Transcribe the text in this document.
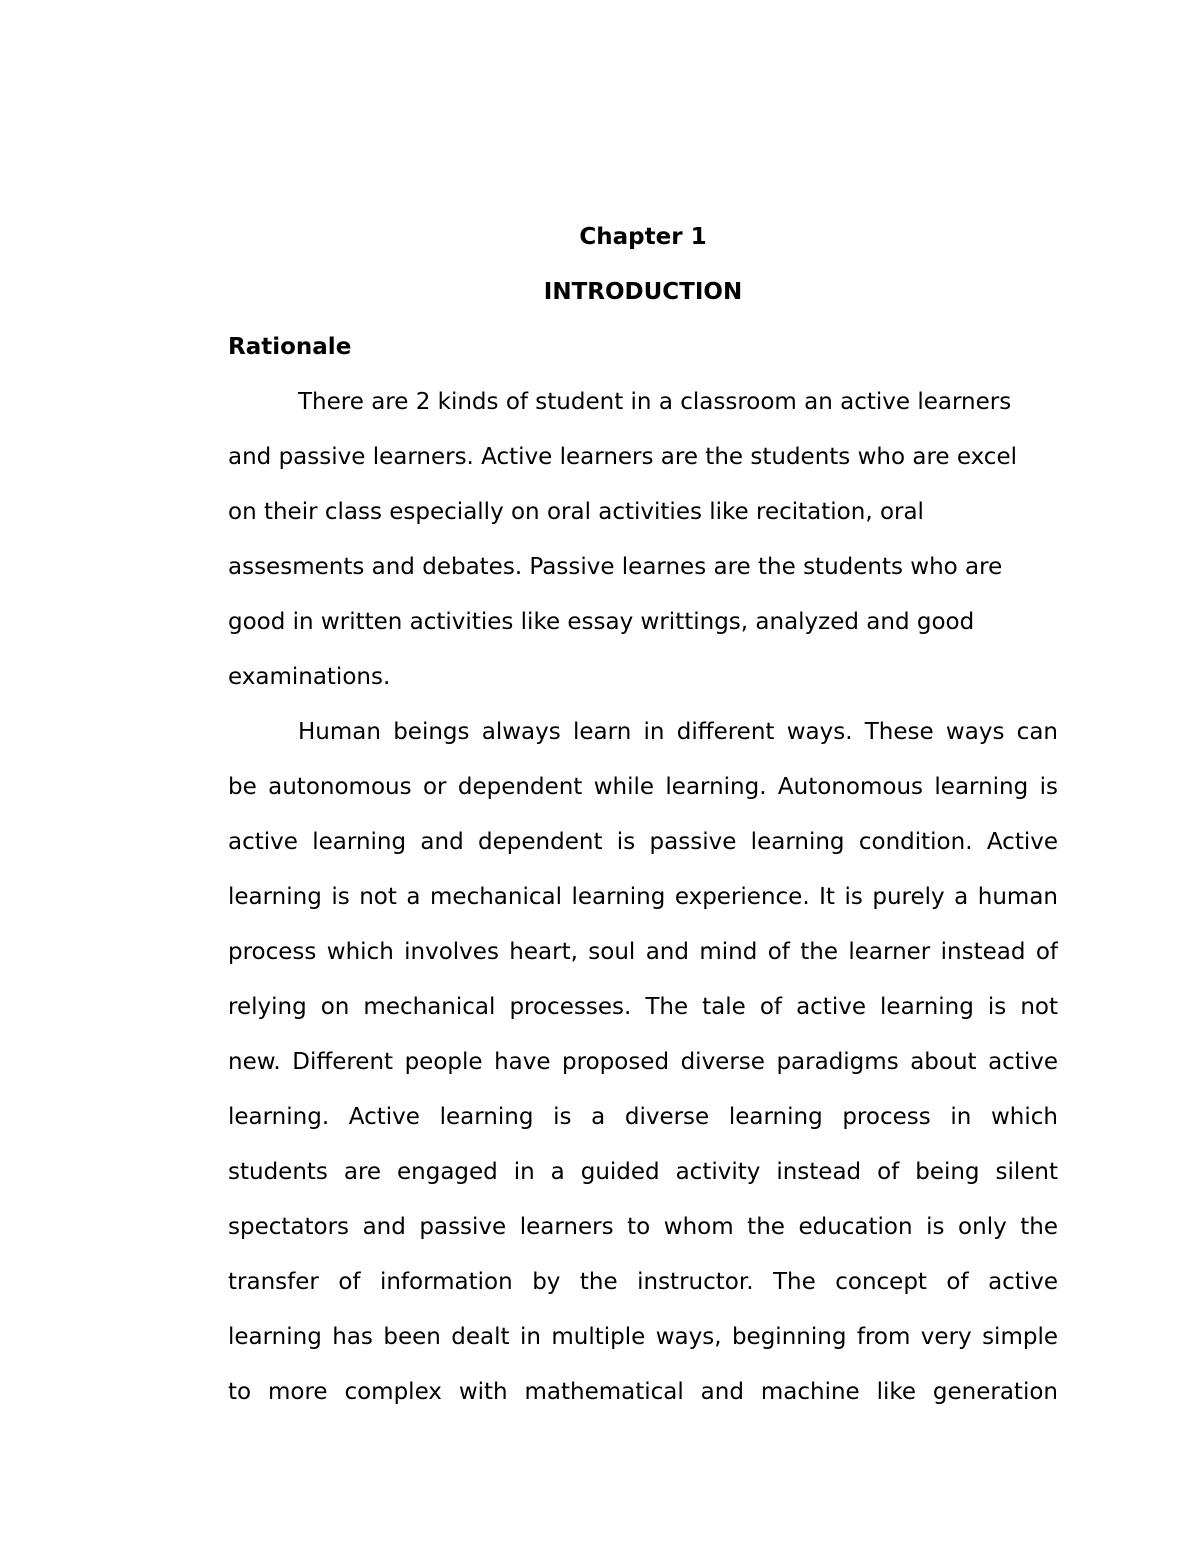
Chapter 1

INTRODUCTION

Rationale

There are 2 kinds of student in a classroom an active learners
and passive learners. Active learners are the students who are excel
on their class especially on oral activities like recitation, oral
assesments and debates. Passive learnes are the students who are
good in written activities like essay writtings, analyzed and good
examinations.
Human beings always learn in different ways. These ways can
be autonomous or dependent while learning. Autonomous learning is
active learning and dependent is passive learning condition. Active
learning is not a mechanical learning experience. It is purely a human
process which involves heart, soul and mind of the learner instead of
relying on mechanical processes. The tale of active learning is not
new. Different people have proposed diverse paradigms about active
learning. Active learning is a diverse learning process in which
students are engaged in a guided activity instead of being silent
spectators and passive learners to whom the education is only the
transfer of information by the instructor. The concept of active
learning has been dealt in multiple ways, beginning from very simple
to more complex with mathematical and machine like generation
